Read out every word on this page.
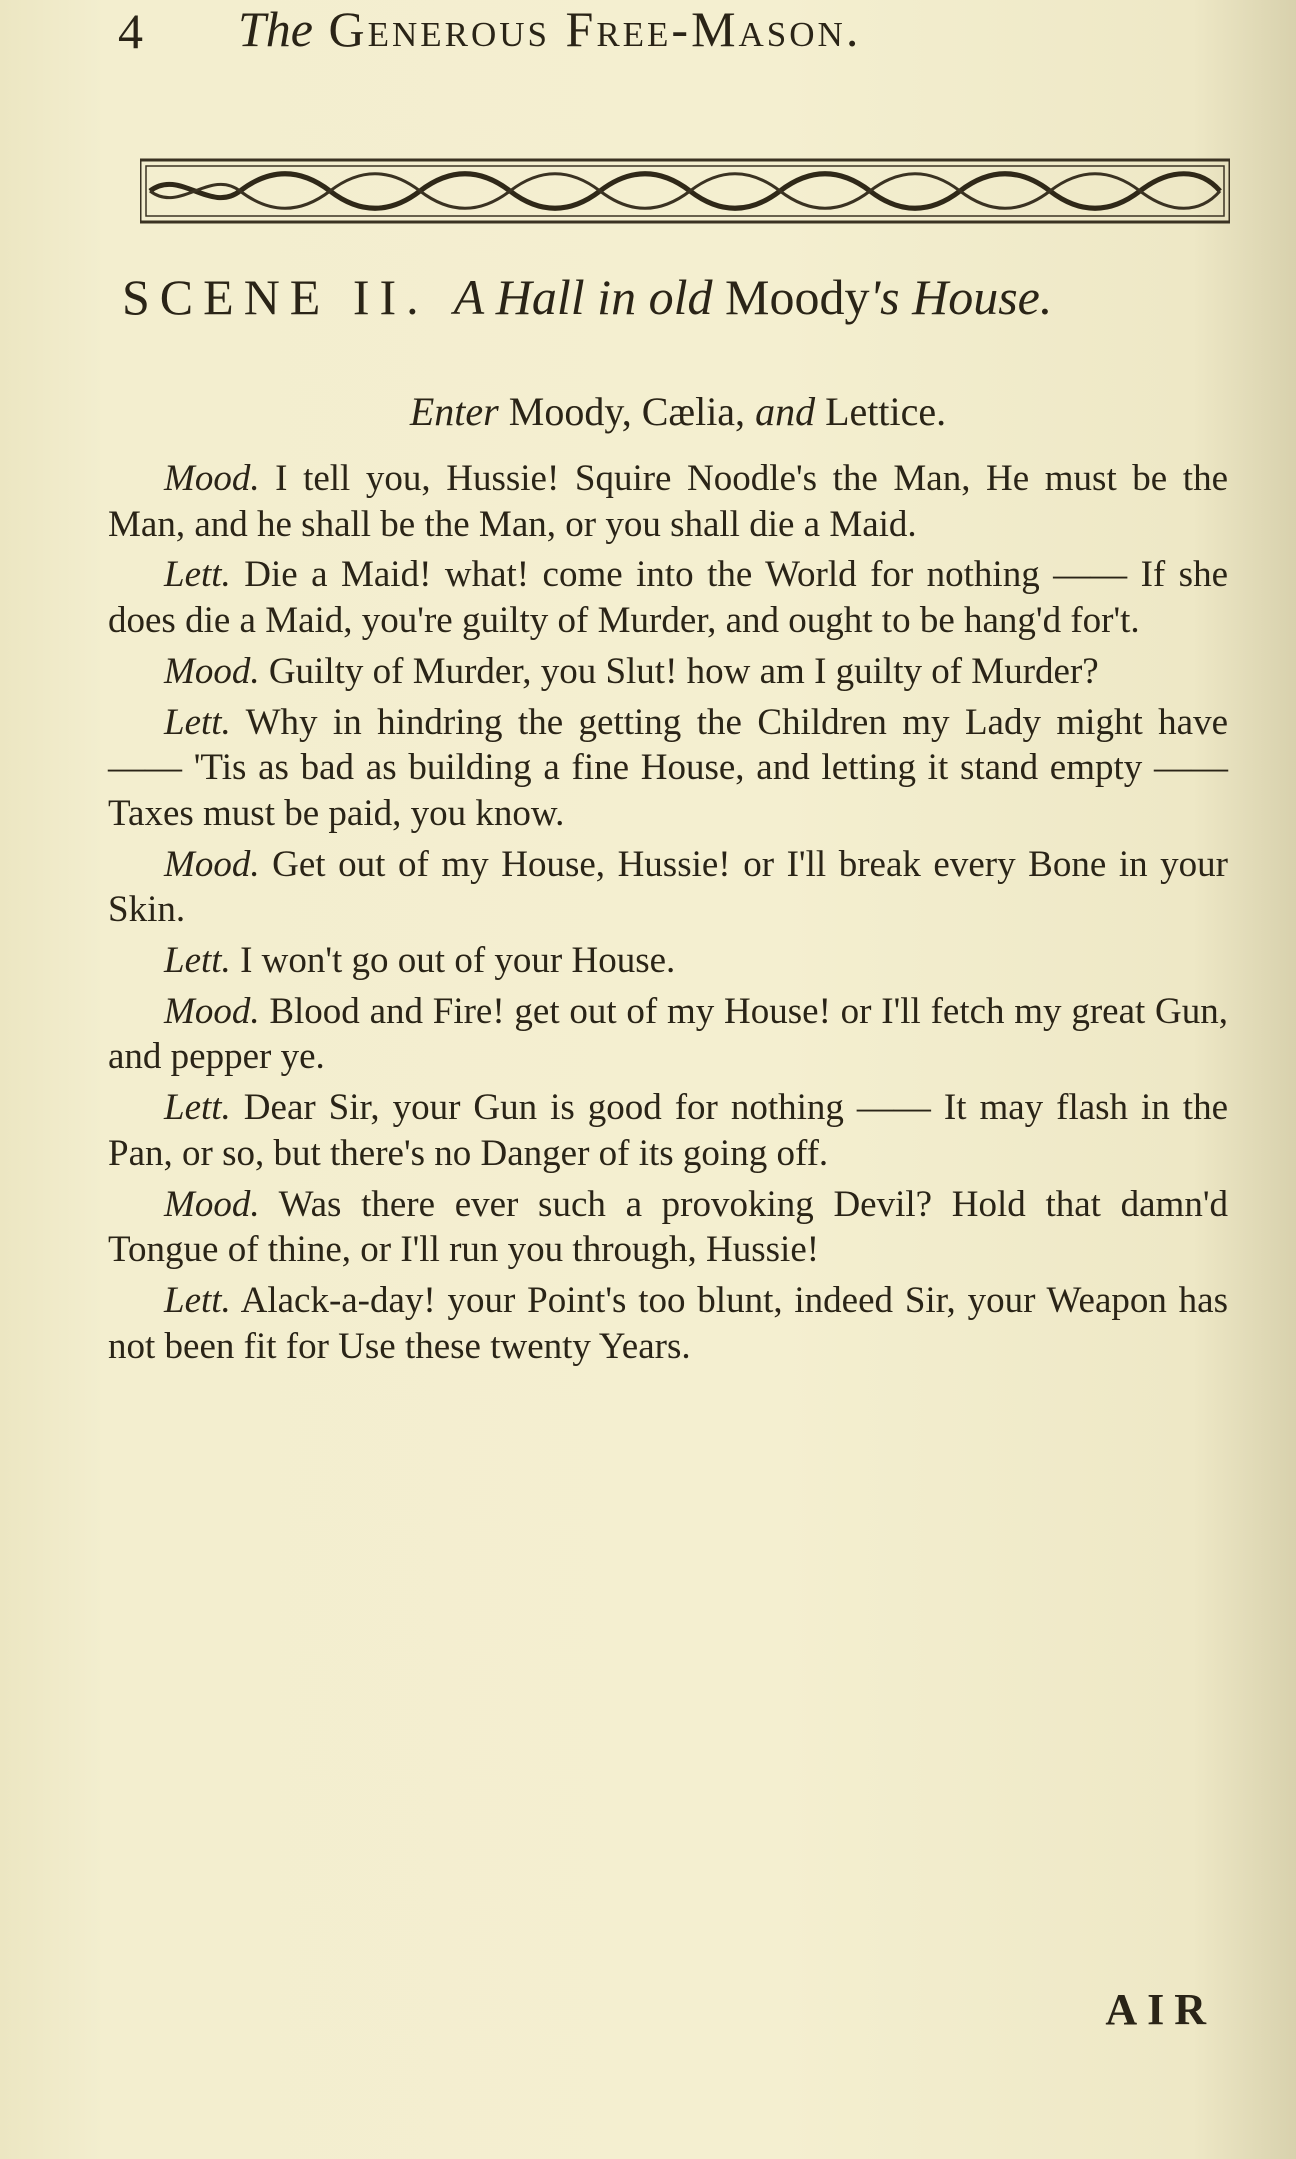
4 The Generous Free-Mason.
SCENE II. A Hall in old Moody's House.
Enter Moody, Cælia, and Lettice.

Mood. I tell you, Hussie! Squire Noodle's the Man, He must be the Man, and he shall be the Man, or you shall die a Maid.

Lett. Die a Maid! what! come into the World for nothing —— If she does die a Maid, you're guilty of Murder, and ought to be hang'd for't.

Mood. Guilty of Murder, you Slut! how am I guilty of Murder?

Lett. Why in hindring the getting the Children my Lady might have —— 'Tis as bad as building a fine House, and letting it stand empty —— Taxes must be paid, you know.

Mood. Get out of my House, Hussie! or I'll break every Bone in your Skin.

Lett. I won't go out of your House.

Mood. Blood and Fire! get out of my House! or I'll fetch my great Gun, and pepper ye.

Lett. Dear Sir, your Gun is good for nothing —— It may flash in the Pan, or so, but there's no Danger of its going off.

Mood. Was there ever such a provoking Devil? Hold that damn'd Tongue of thine, or I'll run you through, Hussie!

Lett. Alack-a-day! your Point's too blunt, indeed Sir, your Weapon has not been fit for Use these twenty Years.

AIR
